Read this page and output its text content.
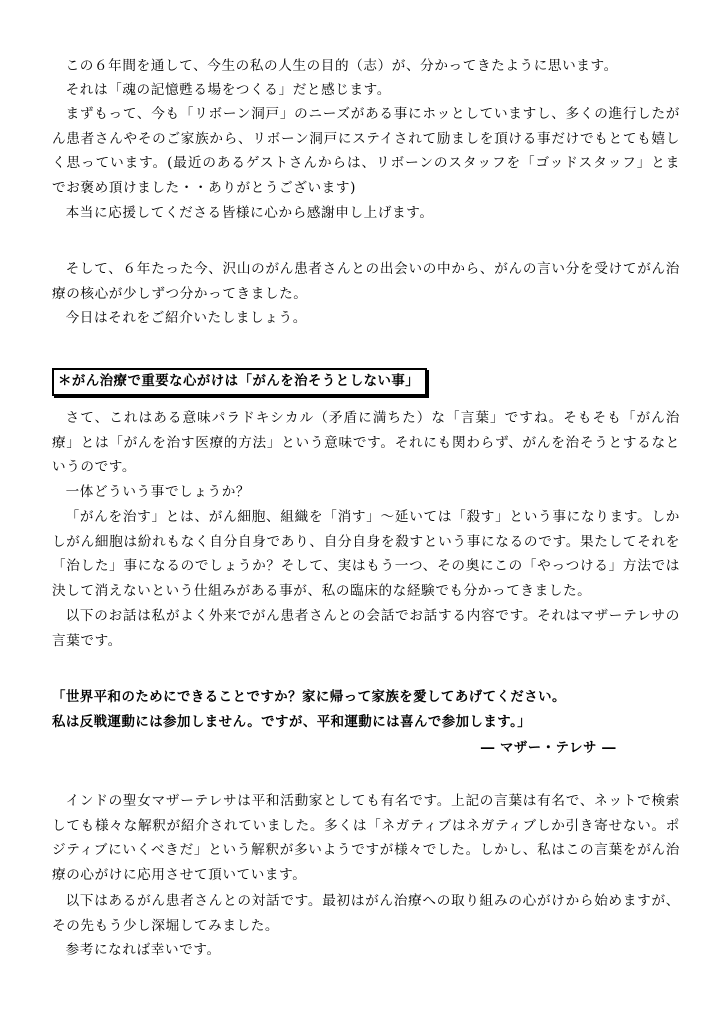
この６年間を通して、今生の私の人生の目的（志）が、分かってきたように思います。

それは「魂の記憶甦る場をつくる」だと感じます。

まずもって、今も「リボーン洞戸」のニーズがある事にホッとしていますし、多くの進行したがん患者さんやそのご家族から、リボーン洞戸にステイされて励ましを頂ける事だけでもとても嬉しく思っています。(最近のあるゲストさんからは、リボーンのスタッフを「ゴッドスタッフ」とまでお褒め頂けました・・ありがとうございます)

本当に応援してくださる皆様に心から感謝申し上げます。

そして、６年たった今、沢山のがん患者さんとの出会いの中から、がんの言い分を受けてがん治療の核心が少しずつ分かってきました。

今日はそれをご紹介いたしましょう。

＊がん治療で重要な心がけは「がんを治そうとしない事」

さて、これはある意味パラドキシカル（矛盾に満ちた）な「言葉」ですね。そもそも「がん治療」とは「がんを治す医療的方法」という意味です。それにも関わらず、がんを治そうとするなというのです。

一体どういう事でしょうか？

「がんを治す」とは、がん細胞、組織を「消す」～延いては「殺す」という事になります。しかしがん細胞は紛れもなく自分自身であり、自分自身を殺すという事になるのです。果たしてそれを「治した」事になるのでしょうか？そして、実はもう一つ、その奥にこの「やっつける」方法では決して消えないという仕組みがある事が、私の臨床的な経験でも分かってきました。

以下のお話は私がよく外来でがん患者さんとの会話でお話する内容です。それはマザーテレサの言葉です。

「世界平和のためにできることですか？家に帰って家族を愛してあげてください。

私は反戦運動には参加しません。ですが、平和運動には喜んで参加します。」

― マザー・テレサ ―

インドの聖女マザーテレサは平和活動家としても有名です。上記の言葉は有名で、ネットで検索しても様々な解釈が紹介されていました。多くは「ネガティブはネガティブしか引き寄せない。ポジティブにいくべきだ」という解釈が多いようですが様々でした。しかし、私はこの言葉をがん治療の心がけに応用させて頂いています。

以下はあるがん患者さんとの対話です。最初はがん治療への取り組みの心がけから始めますが、その先もう少し深堀してみました。

参考になれば幸いです。
